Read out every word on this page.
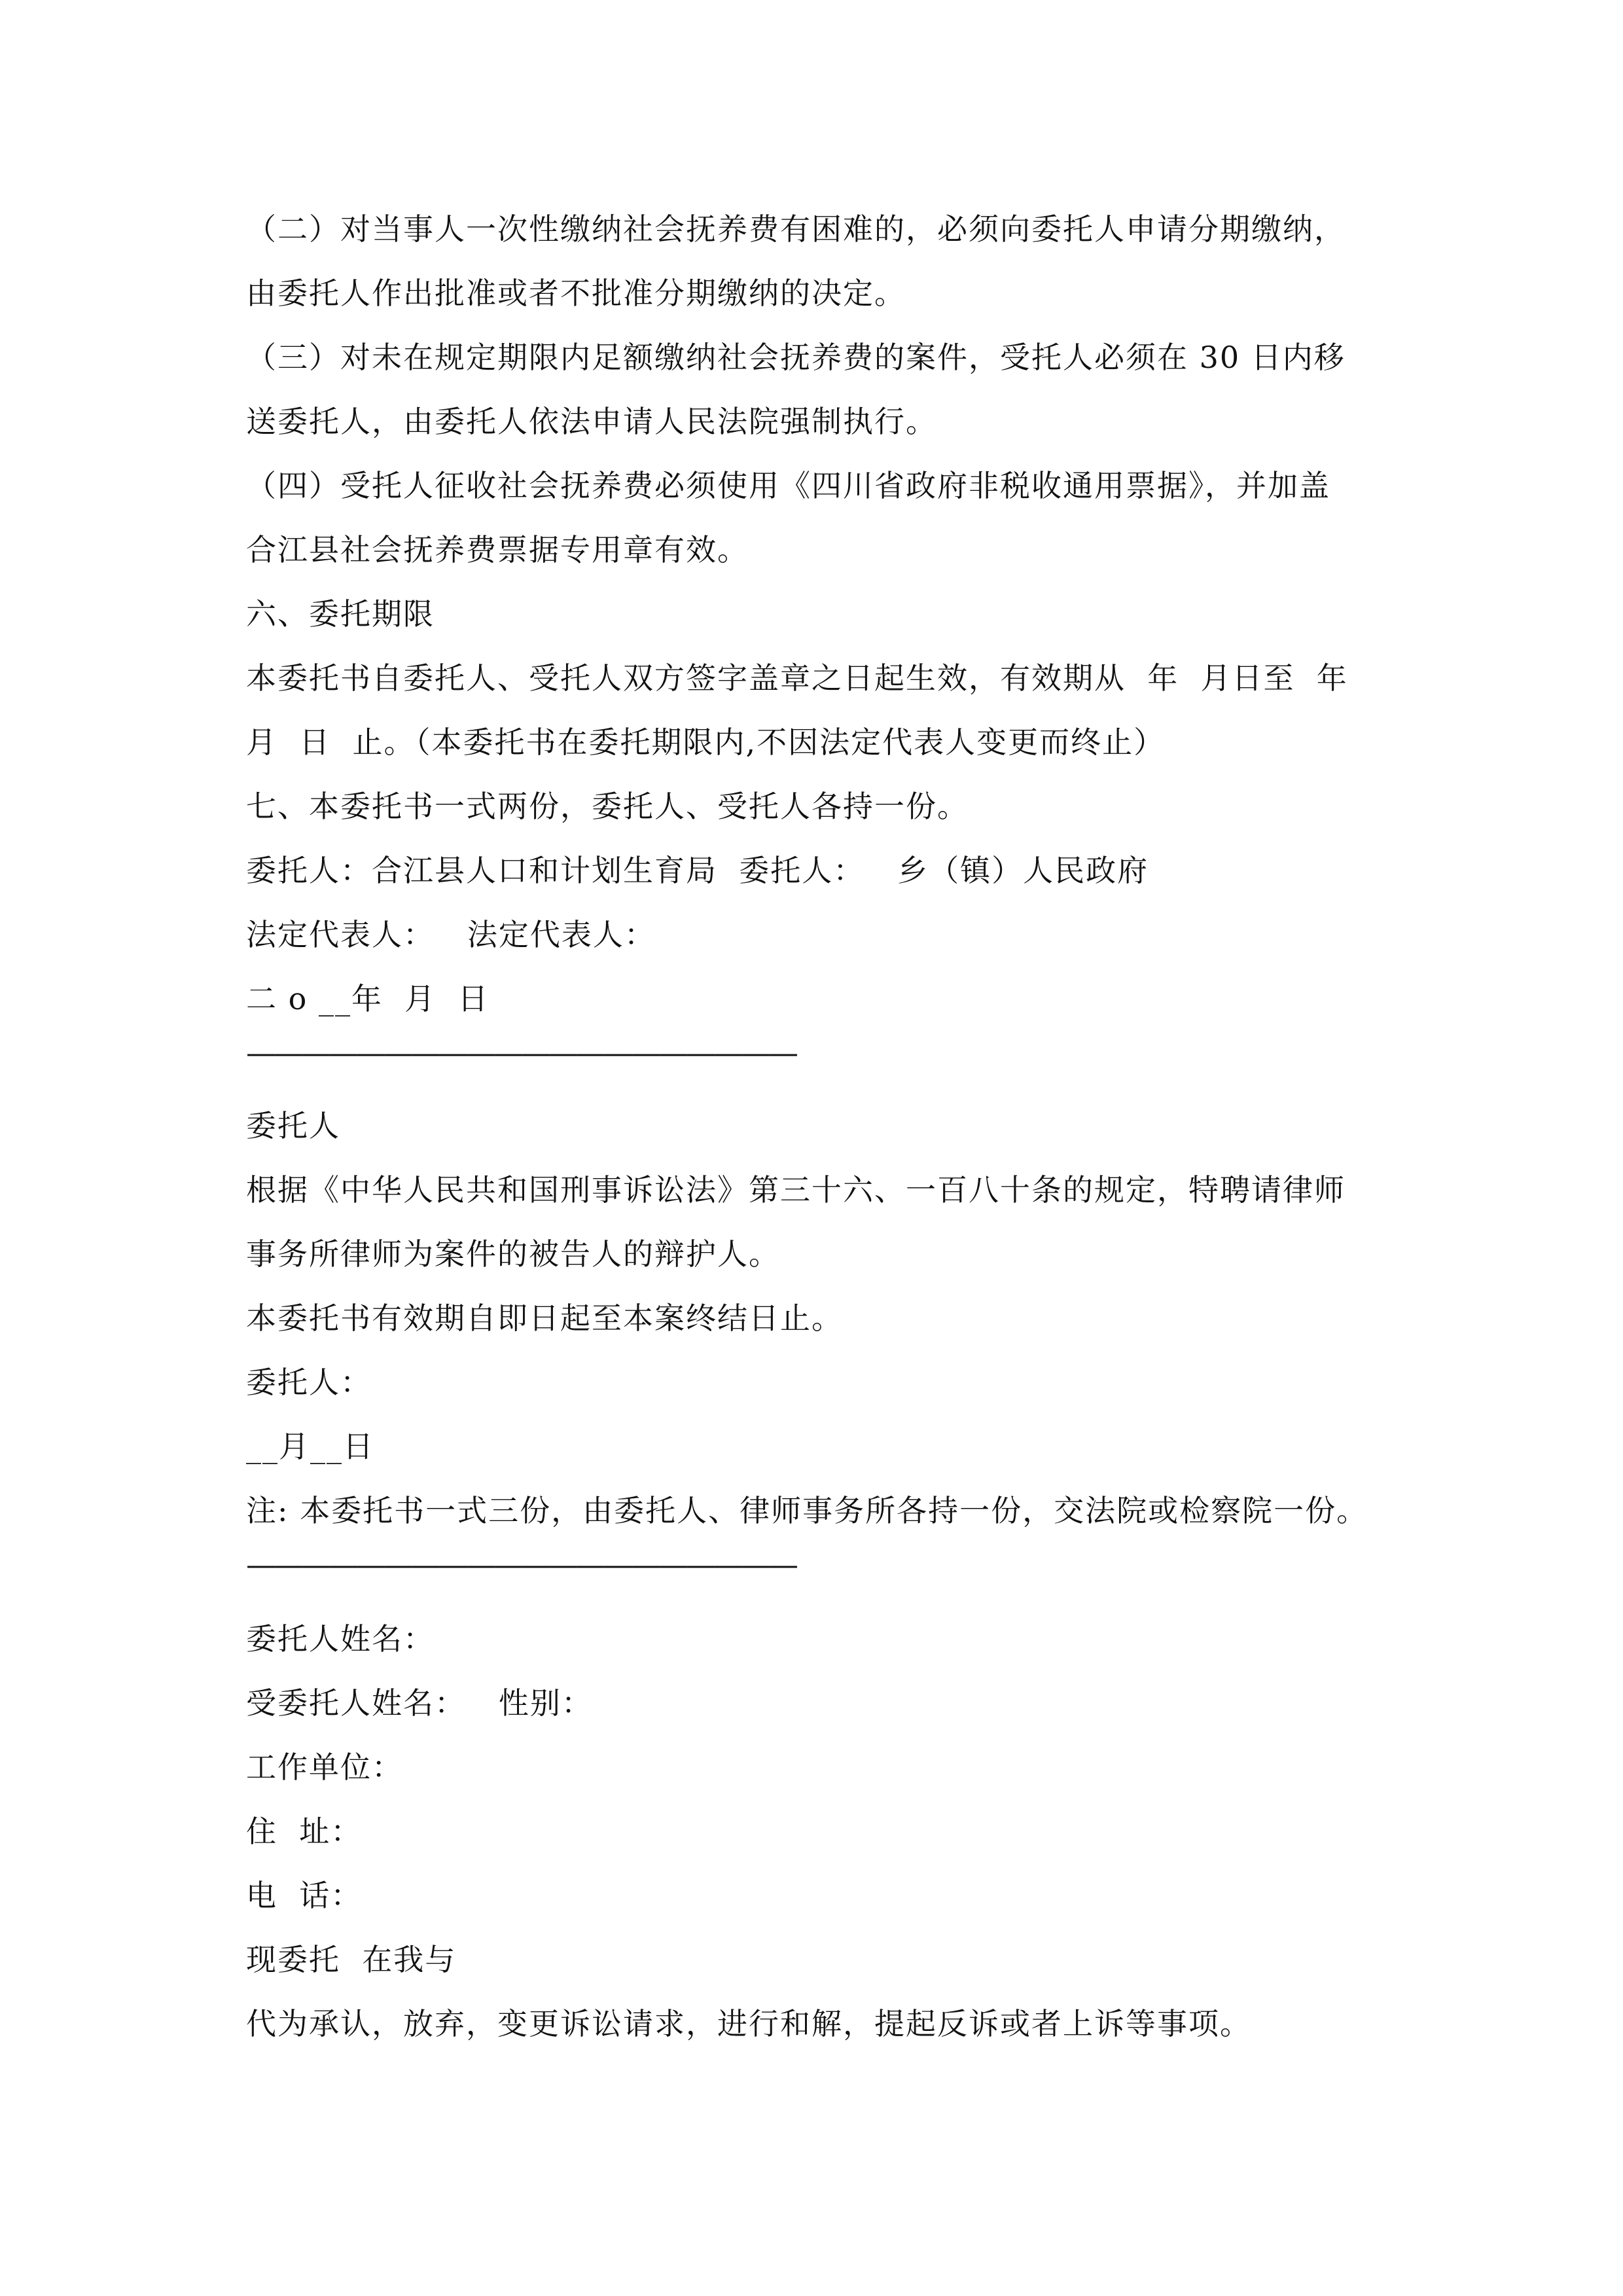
（二）对当事人一次性缴纳社会抚养费有困难的，必须向委托人申请分期缴纳，
由委托人作出批准或者不批准分期缴纳的决定。
（三）对未在规定期限内足额缴纳社会抚养费的案件，受托人必须在 30 日内移
送委托人，由委托人依法申请人民法院强制执行。
（四）受托人征收社会抚养费必须使用《四川省政府非税收通用票据》，并加盖
合江县社会抚养费票据专用章有效。
六、委托期限
本委托书自委托人、受托人双方签字盖章之日起生效，有效期从  年  月日至  年
月  日  止。（本委托书在委托期限内,不因法定代表人变更而终止）
七、本委托书一式两份，委托人、受托人各持一份。
委托人：合江县人口和计划生育局  委托人：   乡（镇）人民政府
法定代表人：   法定代表人：
二 o __年  月  日
————————————————————
委托人
根据《中华人民共和国刑事诉讼法》第三十六、一百八十条的规定，特聘请律师
事务所律师为案件的被告人的辩护人。
本委托书有效期自即日起至本案终结日止。
委托人：
__月__日
注: 本委托书一式三份，由委托人、律师事务所各持一份，交法院或检察院一份。
————————————————————
委托人姓名：
受委托人姓名：   性别：
工作单位：
住  址：
电  话：
现委托  在我与
代为承认，放弃，变更诉讼请求，进行和解，提起反诉或者上诉等事项。
